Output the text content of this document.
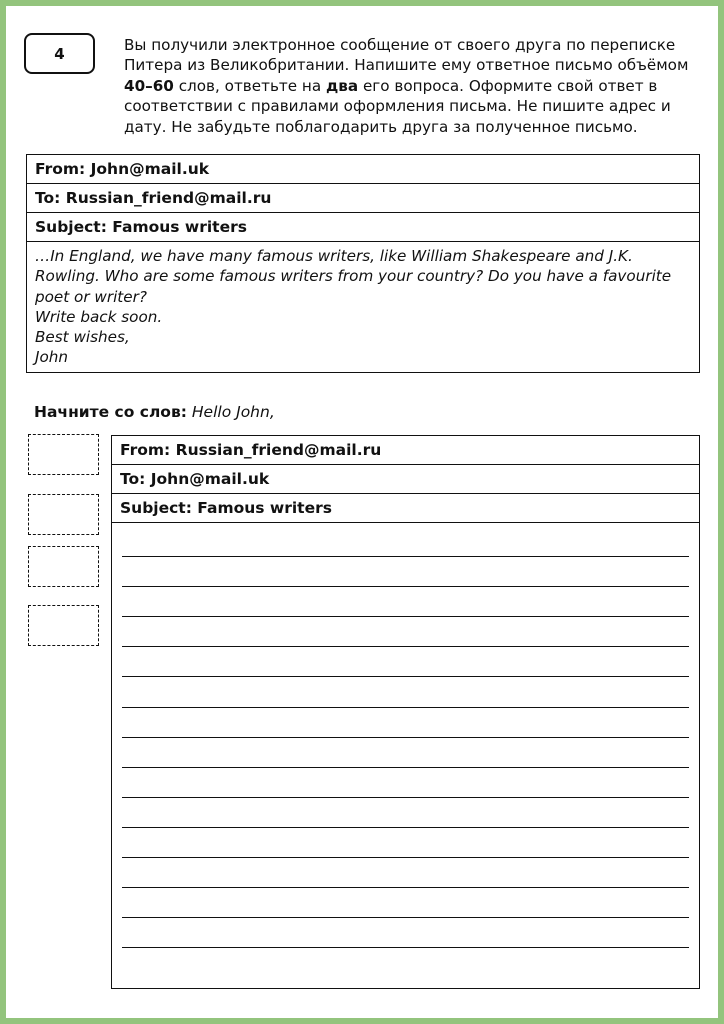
4	Вы получили электронное сообщение от своего друга по переписке
Питера из Великобритании. Напишите ему ответное письмо объёмом
40–60 слов, ответьте на два его вопроса. Оформите свой ответ в
соответствии с правилами оформления письма. Не пишите адрес и
дату. Не забудьте поблагодарить друга за полученное письмо.
From: John@mail.uk
To: Russian_friend@mail.ru
Subject: Famous writers
…In England, we have many famous writers, like William Shakespeare and J.K.
Rowling. Who are some famous writers from your country? Do you have a favourite
poet or writer?
Write back soon.
Best wishes,
John
Начните со слов: Hello John,
From: Russian_friend@mail.ru
To: John@mail.uk
Subject: Famous writers
